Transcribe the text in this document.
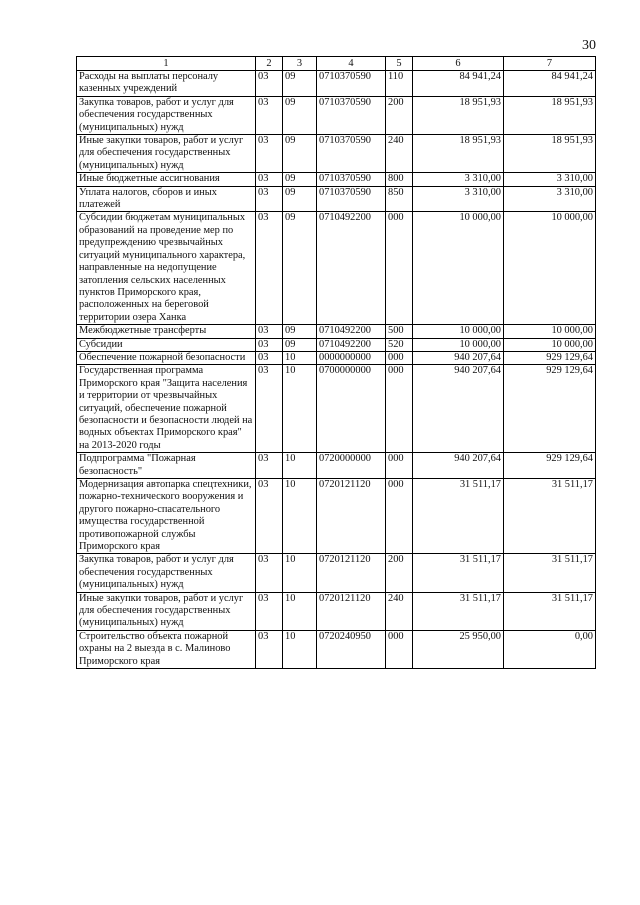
30
1	2	3	4	5	6	7
Расходы на выплаты персоналу казенных учреждений	03	09	0710370590	110	84 941,24	84 941,24
Закупка товаров, работ и услуг для обеспечения государственных (муниципальных) нужд	03	09	0710370590	200	18 951,93	18 951,93
Иные закупки товаров, работ и услуг для обеспечения государственных (муниципальных) нужд	03	09	0710370590	240	18 951,93	18 951,93
Иные бюджетные ассигнования	03	09	0710370590	800	3 310,00	3 310,00
Уплата налогов, сборов и иных платежей	03	09	0710370590	850	3 310,00	3 310,00
Субсидии бюджетам муниципальных образований на проведение мер по предупреждению чрезвычайных ситуаций муниципального характера, направленные на недопущение затопления сельских населенных пунктов Приморского края, расположенных на береговой территории озера Ханка	03	09	0710492200	000	10 000,00	10 000,00
Межбюджетные трансферты	03	09	0710492200	500	10 000,00	10 000,00
Субсидии	03	09	0710492200	520	10 000,00	10 000,00
Обеспечение пожарной безопасности	03	10	0000000000	000	940 207,64	929 129,64
Государственная программа Приморского края "Защита населения и территории от чрезвычайных ситуаций, обеспечение пожарной безопасности и безопасности людей на водных объектах Приморского края" на 2013-2020 годы	03	10	0700000000	000	940 207,64	929 129,64
Подпрограмма "Пожарная безопасность"	03	10	0720000000	000	940 207,64	929 129,64
Модернизация автопарка спецтехники, пожарно-технического вооружения и другого пожарно-спасательного имущества государственной противопожарной службы Приморского края	03	10	0720121120	000	31 511,17	31 511,17
Закупка товаров, работ и услуг для обеспечения государственных (муниципальных) нужд	03	10	0720121120	200	31 511,17	31 511,17
Иные закупки товаров, работ и услуг для обеспечения государственных (муниципальных) нужд	03	10	0720121120	240	31 511,17	31 511,17
Строительство объекта пожарной охраны на 2 выезда в с. Малиново Приморского края	03	10	0720240950	000	25 950,00	0,00
